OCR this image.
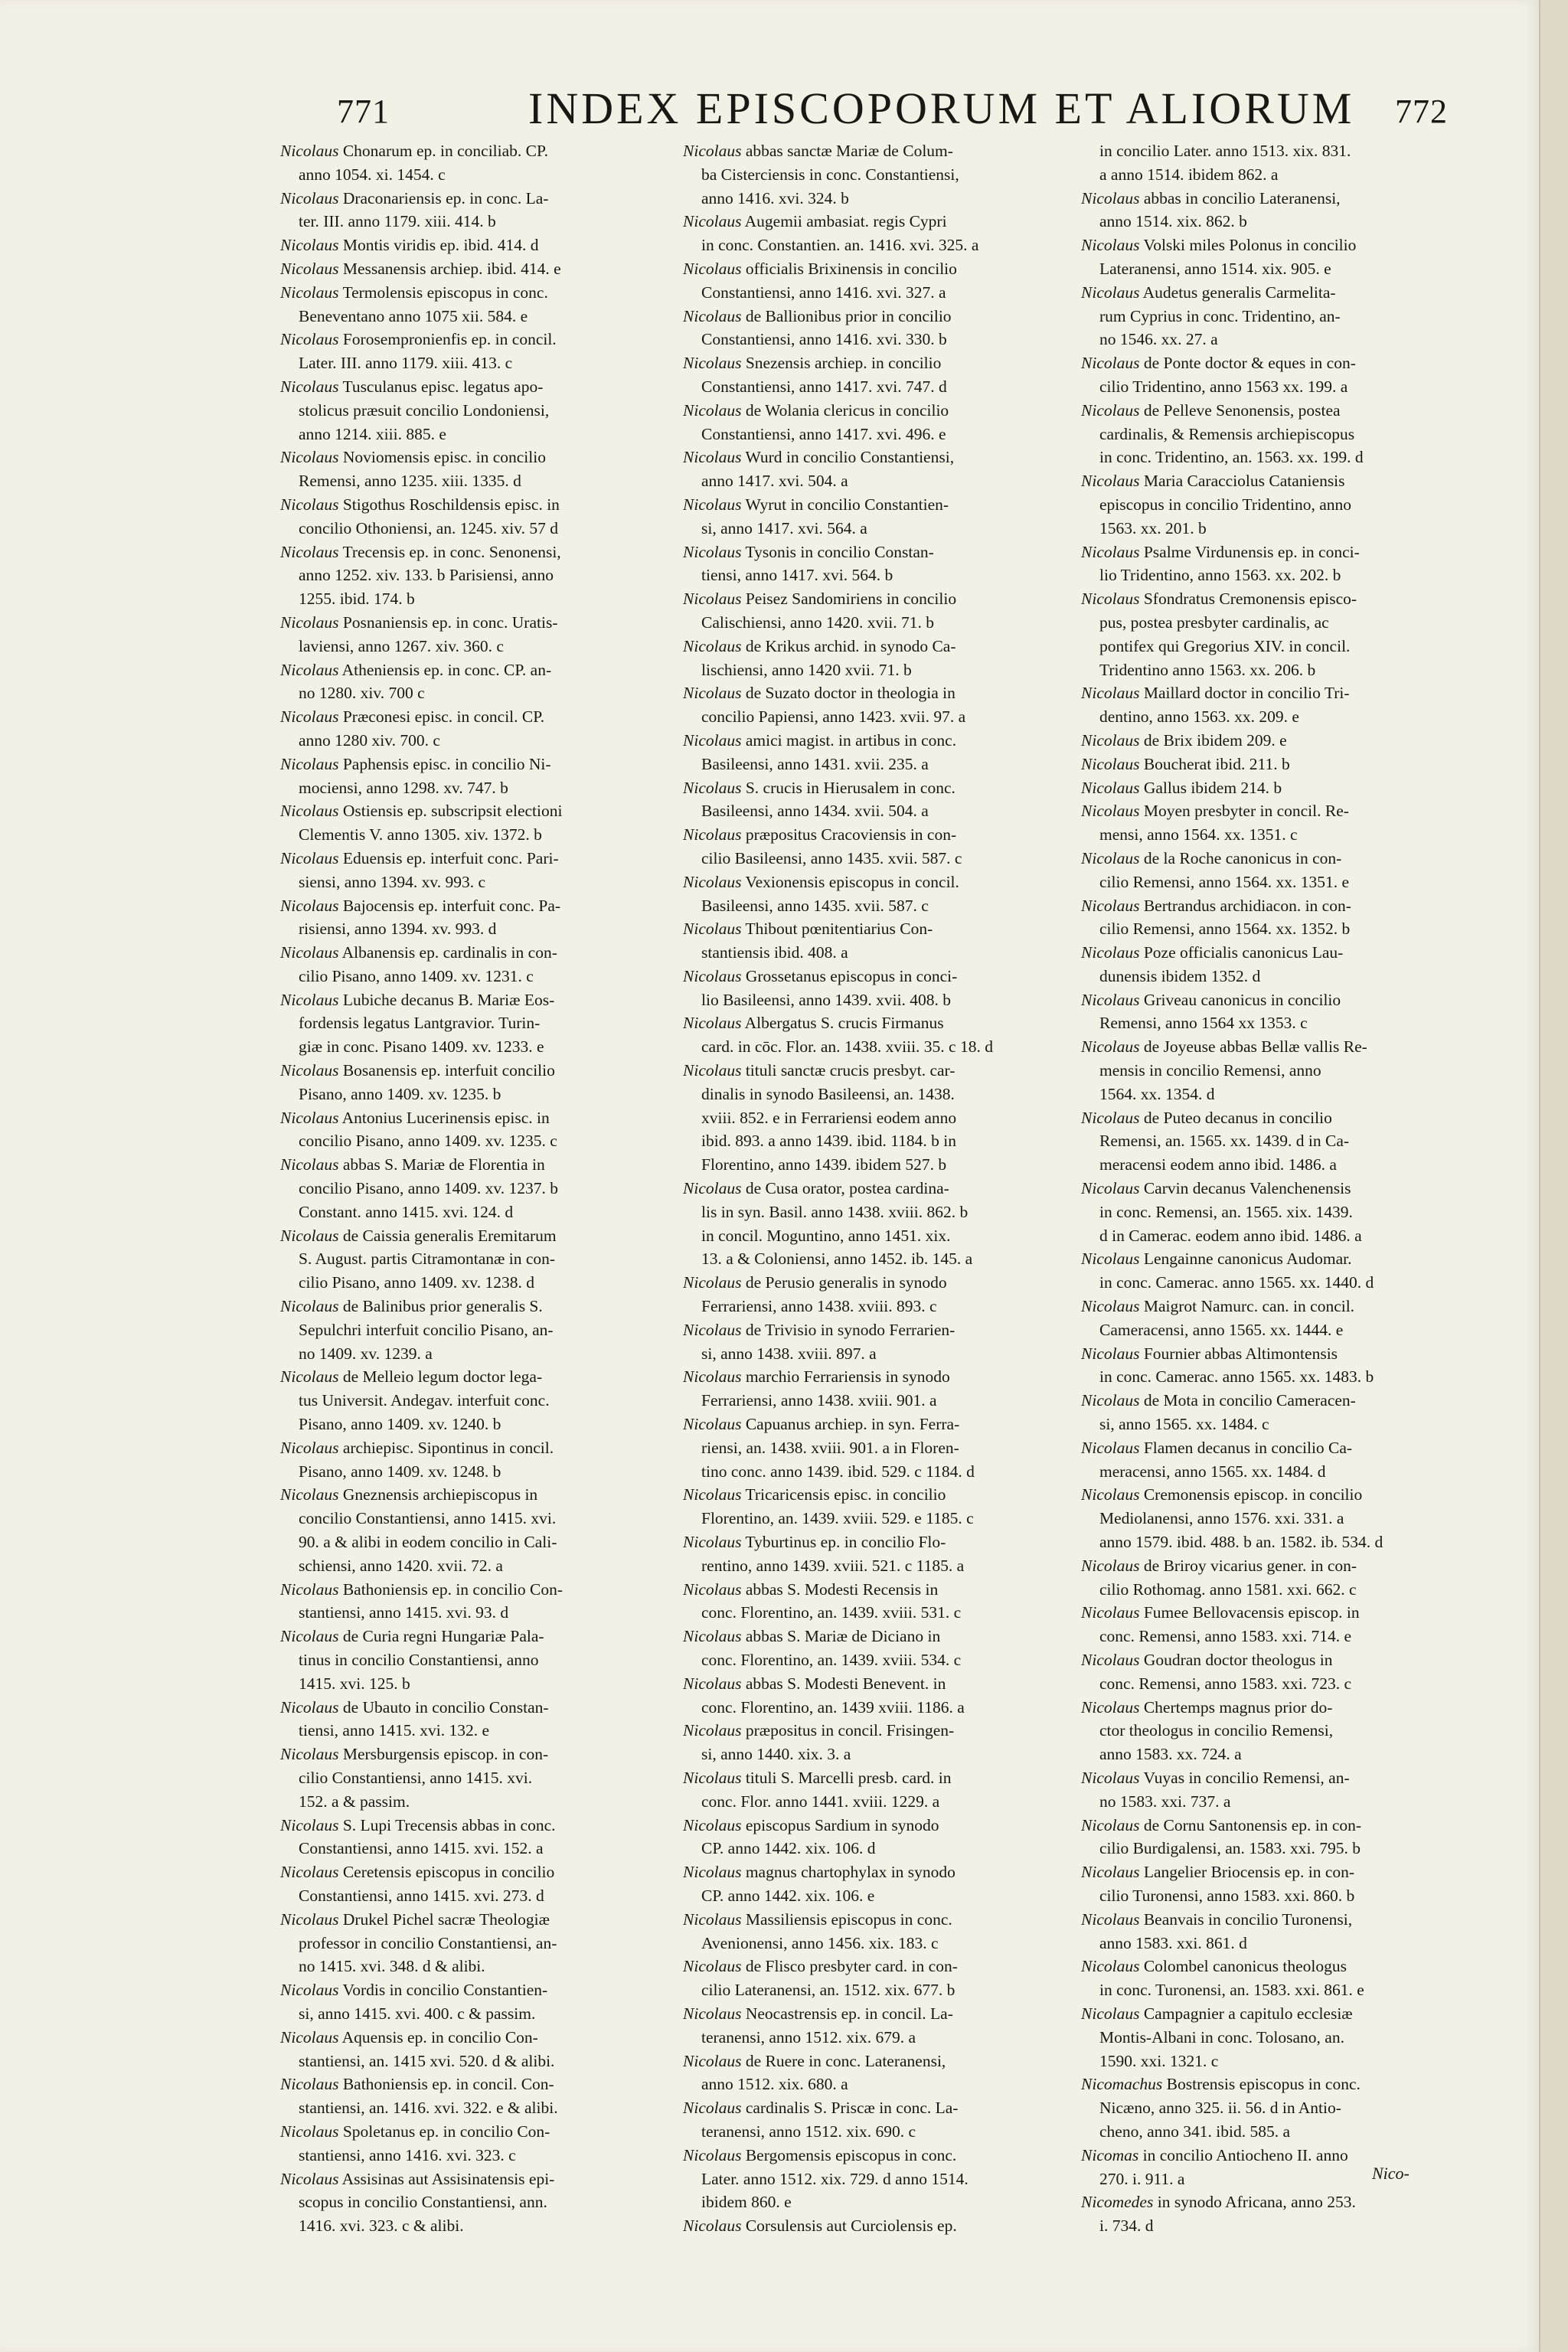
771	INDEX EPISCOPORUM ET ALIORUM 772

Nicolaus Chonarum ep. in conciliab. CP.
anno 1054. xi. 1454. c

Nicolaus Draconariensis ep. in conc. La-
ter. III. anno 1179. xiii. 414. b

Nicolaus Montis viridis ep. ibid. 414. d

Nicolaus Messanensis archiep. ibid. 414. e

Nicolaus Termolensis episcopus in conc.
Beneventano anno 1075 xii. 584. e

Nicolaus Forosempronienfis ep. in concil.
Later. III. anno 1179. xiii. 413. c

Nicolaus Tusculanus episc. legatus apo-
stolicus præsuit concilio Londoniensi,
anno 1214. xiii. 885. e

Nicolaus Noviomensis episc. in concilio
Remensi, anno 1235. xiii. 1335. d

Nicolaus Stigothus Roschildensis episc. in
concilio Othoniensi, an. 1245. xiv. 57 d

Nicolaus Trecensis ep. in conc. Senonensi,
anno 1252. xiv. 133. b Parisiensi, anno
1255. ibid. 174. b

Nicolaus Posnaniensis ep. in conc. Uratis-
laviensi, anno 1267. xiv. 360. c

Nicolaus Atheniensis ep. in conc. CP. an-
no 1280. xiv. 700 c

Nicolaus Præconesi episc. in concil. CP.
anno 1280 xiv. 700. c

Nicolaus Paphensis episc. in concilio Ni-
mociensi, anno 1298. xv. 747. b

Nicolaus Ostiensis ep. subscripsit electioni
Clementis V. anno 1305. xiv. 1372. b

Nicolaus Eduensis ep. interfuit conc. Pari-
siensi, anno 1394. xv. 993. c

Nicolaus Bajocensis ep. interfuit conc. Pa-
risiensi, anno 1394. xv. 993. d

Nicolaus Albanensis ep. cardinalis in con-
cilio Pisano, anno 1409. xv. 1231. c

Nicolaus Lubiche decanus B. Mariæ Eos-
fordensis legatus Lantgravior. Turin-
giæ in conc. Pisano 1409. xv. 1233. e

Nicolaus Bosanensis ep. interfuit concilio
Pisano, anno 1409. xv. 1235. b

Nicolaus Antonius Lucerinensis episc. in
concilio Pisano, anno 1409. xv. 1235. c

Nicolaus abbas S. Mariæ de Florentia in
concilio Pisano, anno 1409. xv. 1237. b
Constant. anno 1415. xvi. 124. d

Nicolaus de Caissia generalis Eremitarum
S. August. partis Citramontanæ in con-
cilio Pisano, anno 1409. xv. 1238. d

Nicolaus de Balinibus prior generalis S.
Sepulchri interfuit concilio Pisano, an-
no 1409. xv. 1239. a

Nicolaus de Melleio legum doctor lega-
tus Universit. Andegav. interfuit conc.
Pisano, anno 1409. xv. 1240. b

Nicolaus archiepisc. Sipontinus in concil.
Pisano, anno 1409. xv. 1248. b

Nicolaus Gneznensis archiepiscopus in
concilio Constantiensi, anno 1415. xvi.
90. a & alibi in eodem concilio in Cali-
schiensi, anno 1420. xvii. 72. a

Nicolaus Bathoniensis ep. in concilio Con-
stantiensi, anno 1415. xvi. 93. d

Nicolaus de Curia regni Hungariæ Pala-
tinus in concilio Constantiensi, anno
1415. xvi. 125. b

Nicolaus de Ubauto in concilio Constan-
tiensi, anno 1415. xvi. 132. e

Nicolaus Mersburgensis episcop. in con-
cilio Constantiensi, anno 1415. xvi.
152. a & passim.

Nicolaus S. Lupi Trecensis abbas in conc.
Constantiensi, anno 1415. xvi. 152. a

Nicolaus Ceretensis episcopus in concilio
Constantiensi, anno 1415. xvi. 273. d

Nicolaus Drukel Pichel sacræ Theologiæ
professor in concilio Constantiensi, an-
no 1415. xvi. 348. d & alibi.

Nicolaus Vordis in concilio Constantien-
si, anno 1415. xvi. 400. c & passim.

Nicolaus Aquensis ep. in concilio Con-
stantiensi, an. 1415 xvi. 520. d & alibi.

Nicolaus Bathoniensis ep. in concil. Con-
stantiensi, an. 1416. xvi. 322. e & alibi.

Nicolaus Spoletanus ep. in concilio Con-
stantiensi, anno 1416. xvi. 323. c

Nicolaus Assisinas aut Assisinatensis epi-
scopus in concilio Constantiensi, ann.
1416. xvi. 323. c & alibi.

Nicolaus abbas sanctæ Mariæ de Colum-
ba Cisterciensis in conc. Constantiensi,
anno 1416. xvi. 324. b

Nicolaus Augemii ambasiat. regis Cypri
in conc. Constantien. an. 1416. xvi. 325. a

Nicolaus officialis Brixinensis in concilio
Constantiensi, anno 1416. xvi. 327. a

Nicolaus de Ballionibus prior in concilio
Constantiensi, anno 1416. xvi. 330. b

Nicolaus Snezensis archiep. in concilio
Constantiensi, anno 1417. xvi. 747. d

Nicolaus de Wolania clericus in concilio
Constantiensi, anno 1417. xvi. 496. e

Nicolaus Wurd in concilio Constantiensi,
anno 1417. xvi. 504. a

Nicolaus Wyrut in concilio Constantien-
si, anno 1417. xvi. 564. a

Nicolaus Tysonis in concilio Constan-
tiensi, anno 1417. xvi. 564. b

Nicolaus Peisez Sandomiriens in concilio
Calischiensi, anno 1420. xvii. 71. b

Nicolaus de Krikus archid. in synodo Ca-
lischiensi, anno 1420 xvii. 71. b

Nicolaus de Suzato doctor in theologia in
concilio Papiensi, anno 1423. xvii. 97. a

Nicolaus amici magist. in artibus in conc.
Basileensi, anno 1431. xvii. 235. a

Nicolaus S. crucis in Hierusalem in conc.
Basileensi, anno 1434. xvii. 504. a

Nicolaus præpositus Cracoviensis in con-
cilio Basileensi, anno 1435. xvii. 587. c

Nicolaus Vexionensis episcopus in concil.
Basileensi, anno 1435. xvii. 587. c

Nicolaus Thibout pœnitentiarius Con-
stantiensis ibid. 408. a

Nicolaus Grossetanus episcopus in conci-
lio Basileensi, anno 1439. xvii. 408. b

Nicolaus Albergatus S. crucis Firmanus
card. in cōc. Flor. an. 1438. xviii. 35. c 18. d

Nicolaus tituli sanctæ crucis presbyt. car-
dinalis in synodo Basileensi, an. 1438.
xviii. 852. e in Ferrariensi eodem anno
ibid. 893. a anno 1439. ibid. 1184. b in
Florentino, anno 1439. ibidem 527. b

Nicolaus de Cusa orator, postea cardina-
lis in syn. Basil. anno 1438. xviii. 862. b
in concil. Moguntino, anno 1451. xix.
13. a & Coloniensi, anno 1452. ib. 145. a

Nicolaus de Perusio generalis in synodo
Ferrariensi, anno 1438. xviii. 893. c

Nicolaus de Trivisio in synodo Ferrarien-
si, anno 1438. xviii. 897. a

Nicolaus marchio Ferrariensis in synodo
Ferrariensi, anno 1438. xviii. 901. a

Nicolaus Capuanus archiep. in syn. Ferra-
riensi, an. 1438. xviii. 901. a in Floren-
tino conc. anno 1439. ibid. 529. c 1184. d

Nicolaus Tricaricensis episc. in concilio
Florentino, an. 1439. xviii. 529. e 1185. c

Nicolaus Tyburtinus ep. in concilio Flo-
rentino, anno 1439. xviii. 521. c 1185. a

Nicolaus abbas S. Modesti Recensis in
conc. Florentino, an. 1439. xviii. 531. c

Nicolaus abbas S. Mariæ de Diciano in
conc. Florentino, an. 1439. xviii. 534. c

Nicolaus abbas S. Modesti Benevent. in
conc. Florentino, an. 1439 xviii. 1186. a

Nicolaus præpositus in concil. Frisingen-
si, anno 1440. xix. 3. a

Nicolaus tituli S. Marcelli presb. card. in
conc. Flor. anno 1441. xviii. 1229. a

Nicolaus episcopus Sardium in synodo
CP. anno 1442. xix. 106. d

Nicolaus magnus chartophylax in synodo
CP. anno 1442. xix. 106. e

Nicolaus Massiliensis episcopus in conc.
Avenionensi, anno 1456. xix. 183. c

Nicolaus de Flisco presbyter card. in con-
cilio Lateranensi, an. 1512. xix. 677. b

Nicolaus Neocastrensis ep. in concil. La-
teranensi, anno 1512. xix. 679. a

Nicolaus de Ruere in conc. Lateranensi,
anno 1512. xix. 680. a

Nicolaus cardinalis S. Priscæ in conc. La-
teranensi, anno 1512. xix. 690. c

Nicolaus Bergomensis episcopus in conc.
Later. anno 1512. xix. 729. d anno 1514.
ibidem 860. e

Nicolaus Corsulensis aut Curciolensis ep.

in concilio Later. anno 1513. xix. 831.
a anno 1514. ibidem 862. a

Nicolaus abbas in concilio Lateranensi,
anno 1514. xix. 862. b

Nicolaus Volski miles Polonus in concilio
Lateranensi, anno 1514. xix. 905. e

Nicolaus Audetus generalis Carmelita-
rum Cyprius in conc. Tridentino, an-
no 1546. xx. 27. a

Nicolaus de Ponte doctor & eques in con-
cilio Tridentino, anno 1563 xx. 199. a

Nicolaus de Pelleve Senonensis, postea
cardinalis, & Remensis archiepiscopus
in conc. Tridentino, an. 1563. xx. 199. d

Nicolaus Maria Caracciolus Cataniensis
episcopus in concilio Tridentino, anno
1563. xx. 201. b

Nicolaus Psalme Virdunensis ep. in conci-
lio Tridentino, anno 1563. xx. 202. b

Nicolaus Sfondratus Cremonensis episco-
pus, postea presbyter cardinalis, ac
pontifex qui Gregorius XIV. in concil.
Tridentino anno 1563. xx. 206. b

Nicolaus Maillard doctor in concilio Tri-
dentino, anno 1563. xx. 209. e

Nicolaus de Brix ibidem 209. e

Nicolaus Boucherat ibid. 211. b

Nicolaus Gallus ibidem 214. b

Nicolaus Moyen presbyter in concil. Re-
mensi, anno 1564. xx. 1351. c

Nicolaus de la Roche canonicus in con-
cilio Remensi, anno 1564. xx. 1351. e

Nicolaus Bertrandus archidiacon. in con-
cilio Remensi, anno 1564. xx. 1352. b

Nicolaus Poze officialis canonicus Lau-
dunensis ibidem 1352. d

Nicolaus Griveau canonicus in concilio
Remensi, anno 1564 xx 1353. c

Nicolaus de Joyeuse abbas Bellæ vallis Re-
mensis in concilio Remensi, anno
1564. xx. 1354. d

Nicolaus de Puteo decanus in concilio
Remensi, an. 1565. xx. 1439. d in Ca-
meracensi eodem anno ibid. 1486. a

Nicolaus Carvin decanus Valenchenensis
in conc. Remensi, an. 1565. xix. 1439.
d in Camerac. eodem anno ibid. 1486. a

Nicolaus Lengainne canonicus Audomar.
in conc. Camerac. anno 1565. xx. 1440. d

Nicolaus Maigrot Namurc. can. in concil.
Cameracensi, anno 1565. xx. 1444. e

Nicolaus Fournier abbas Altimontensis
in conc. Camerac. anno 1565. xx. 1483. b

Nicolaus de Mota in concilio Cameracen-
si, anno 1565. xx. 1484. c

Nicolaus Flamen decanus in concilio Ca-
meracensi, anno 1565. xx. 1484. d

Nicolaus Cremonensis episcop. in concilio
Mediolanensi, anno 1576. xxi. 331. a
anno 1579. ibid. 488. b an. 1582. ib. 534. d

Nicolaus de Briroy vicarius gener. in con-
cilio Rothomag. anno 1581. xxi. 662. c

Nicolaus Fumee Bellovacensis episcop. in
conc. Remensi, anno 1583. xxi. 714. e

Nicolaus Goudran doctor theologus in
conc. Remensi, anno 1583. xxi. 723. c

Nicolaus Chertemps magnus prior do-
ctor theologus in concilio Remensi,
anno 1583. xx. 724. a

Nicolaus Vuyas in concilio Remensi, an-
no 1583. xxi. 737. a

Nicolaus de Cornu Santonensis ep. in con-
cilio Burdigalensi, an. 1583. xxi. 795. b

Nicolaus Langelier Briocensis ep. in con-
cilio Turonensi, anno 1583. xxi. 860. b

Nicolaus Beanvais in concilio Turonensi,
anno 1583. xxi. 861. d

Nicolaus Colombel canonicus theologus
in conc. Turonensi, an. 1583. xxi. 861. e

Nicolaus Campagnier a capitulo ecclesiæ
Montis-Albani in conc. Tolosano, an.
1590. xxi. 1321. c

Nicomachus Bostrensis episcopus in conc.
Nicæno, anno 325. ii. 56. d in Antio-
cheno, anno 341. ibid. 585. a

Nicomas in concilio Antiocheno II. anno
270. i. 911. a

Nicomedes in synodo Africana, anno 253.
i. 734. d

Nico-
